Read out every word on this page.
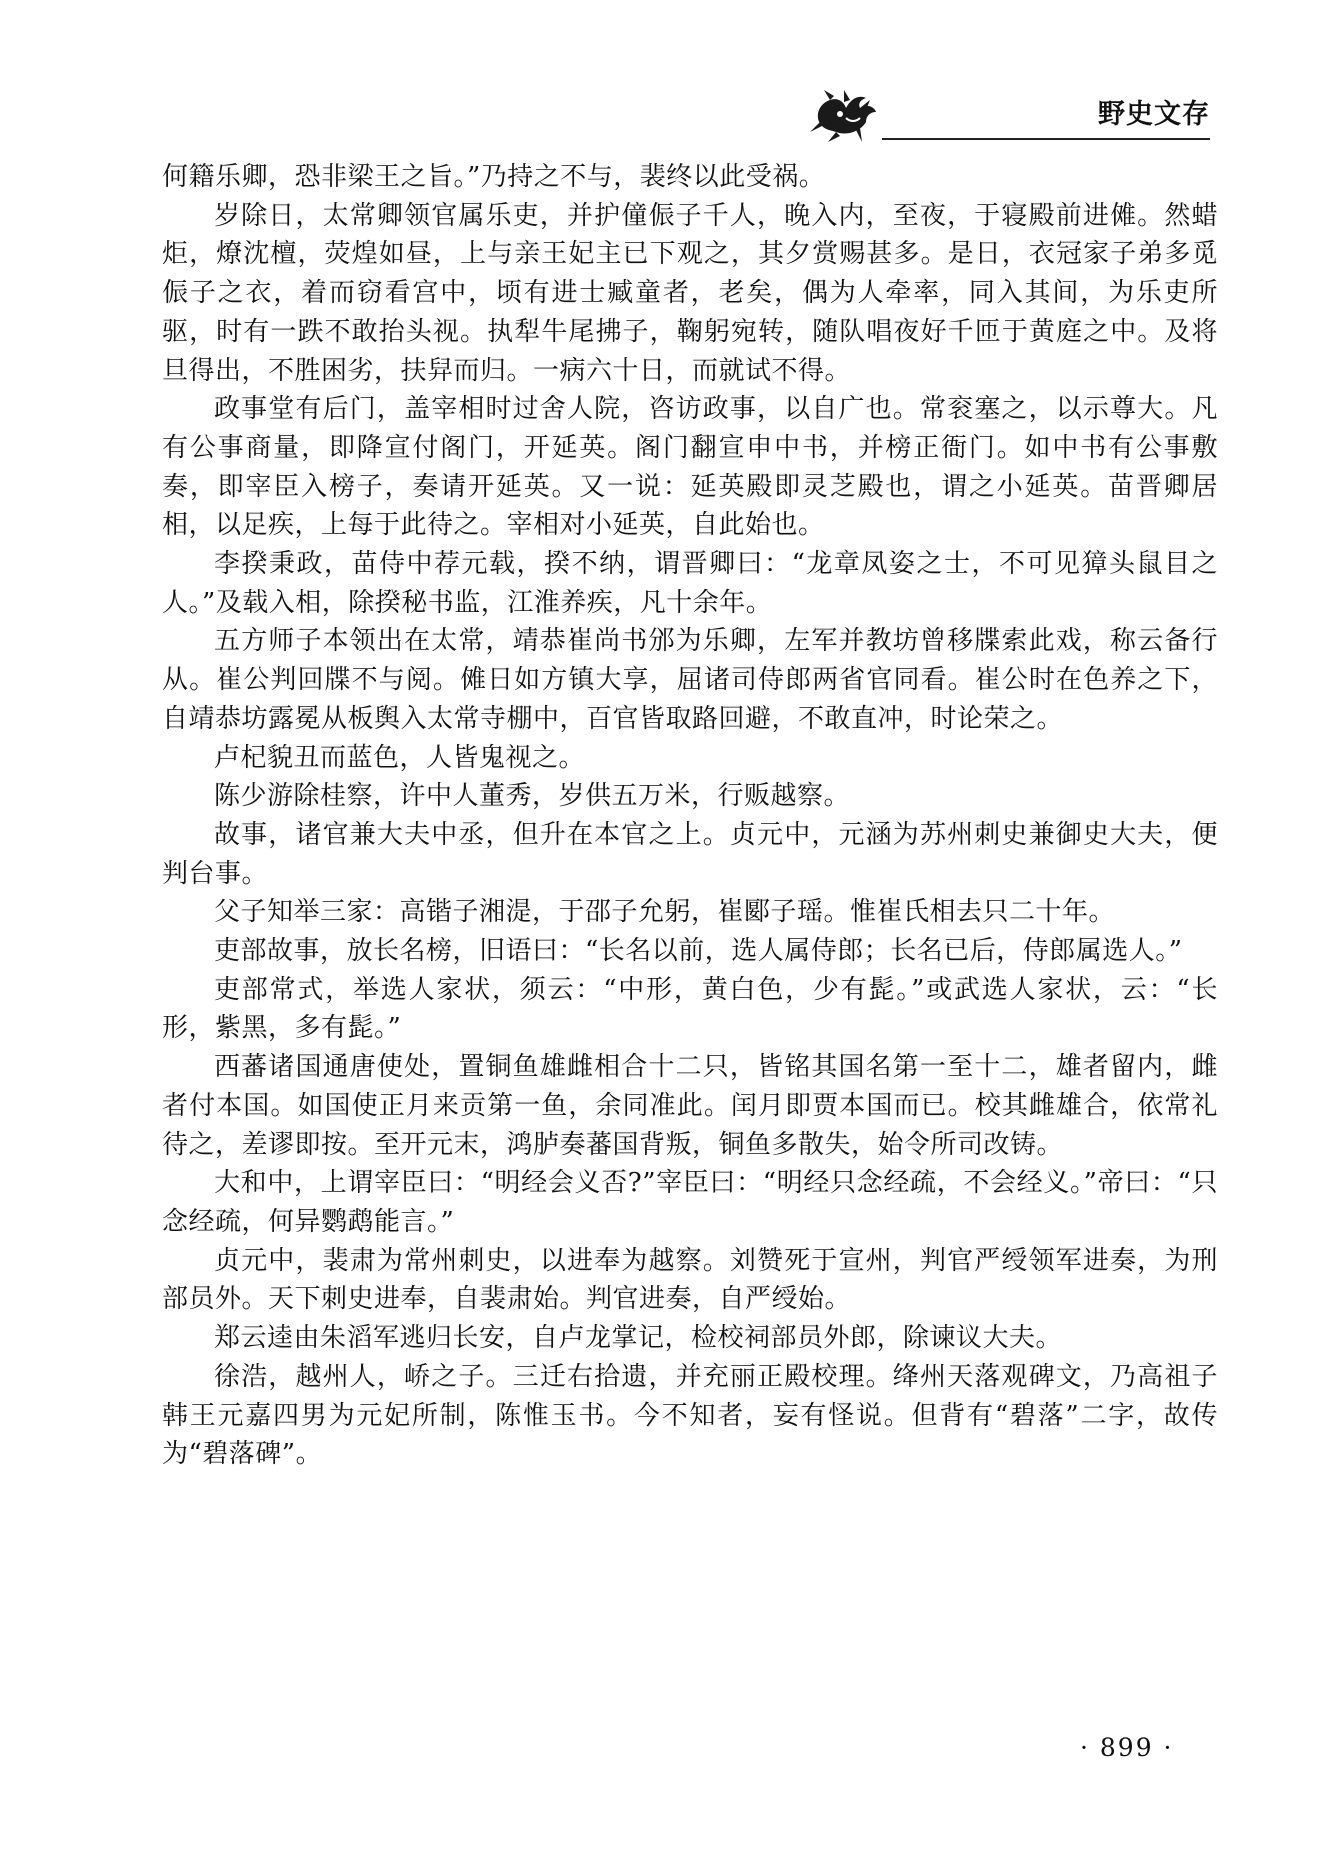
野史文存

何籍乐卿，恐非梁王之旨。”乃持之不与，裴终以此受祸。

岁除日，太常卿领官属乐吏，并护僮侲子千人，晚入内，至夜，于寝殿前进傩。然蜡炬，燎沈檀，荧煌如昼，上与亲王妃主已下观之，其夕赏赐甚多。是日，衣冠家子弟多觅侲子之衣，着而窃看宫中，顷有进士臧童者，老矣，偶为人牵率，同入其间，为乐吏所驱，时有一跌不敢抬头视。执犁牛尾拂子，鞠躬宛转，随队唱夜好千匝于黄庭之中。及将旦得出，不胜困劣，扶舁而归。一病六十日，而就试不得。

政事堂有后门，盖宰相时过舍人院，咨访政事，以自广也。常衮塞之，以示尊大。凡有公事商量，即降宣付阁门，开延英。阁门翻宣申中书，并榜正衙门。如中书有公事敷奏，即宰臣入榜子，奏请开延英。又一说：延英殿即灵芝殿也，谓之小延英。苗晋卿居相，以足疾，上每于此待之。宰相对小延英，自此始也。

李揆秉政，苗侍中荐元载，揆不纳，谓晋卿曰：“龙章凤姿之士，不可见獐头鼠目之人。”及载入相，除揆秘书监，江淮养疾，凡十余年。

五方师子本领出在太常，靖恭崔尚书邠为乐卿，左军并教坊曾移牒索此戏，称云备行从。崔公判回牒不与阅。傩日如方镇大享，屈诸司侍郎两省官同看。崔公时在色养之下，自靖恭坊露冕从板舆入太常寺棚中，百官皆取路回避，不敢直冲，时论荣之。

卢杞貌丑而蓝色，人皆鬼视之。

陈少游除桂察，许中人董秀，岁供五万米，行贩越察。

故事，诸官兼大夫中丞，但升在本官之上。贞元中，元涵为苏州刺史兼御史大夫，便判台事。

父子知举三家：高锴子湘湜，于邵子允躬，崔郾子瑶。惟崔氏相去只二十年。

吏部故事，放长名榜，旧语曰：“长名以前，选人属侍郎；长名已后，侍郎属选人。”

吏部常式，举选人家状，须云：“中形，黄白色，少有髭。”或武选人家状，云：“长形，紫黑，多有髭。”

西蕃诸国通唐使处，置铜鱼雄雌相合十二只，皆铭其国名第一至十二，雄者留内，雌者付本国。如国使正月来贡第一鱼，余同准此。闰月即贾本国而已。校其雌雄合，依常礼待之，差谬即按。至开元末，鸿胪奏蕃国背叛，铜鱼多散失，始令所司改铸。

大和中，上谓宰臣曰：“明经会义否?”宰臣曰：“明经只念经疏，不会经义。”帝曰：“只念经疏，何异鹦鹉能言。”

贞元中，裴肃为常州刺史，以进奉为越察。刘赞死于宣州，判官严绶领军进奏，为刑部员外。天下刺史进奉，自裴肃始。判官进奏，自严绶始。

郑云逵由朱滔军逃归长安，自卢龙掌记，检校祠部员外郎，除谏议大夫。

徐浩，越州人，峤之子。三迁右拾遗，并充丽正殿校理。绛州天落观碑文，乃高祖子韩王元嘉四男为元妃所制，陈惟玉书。今不知者，妄有怪说。但背有“碧落”二字，故传为“碧落碑”。

· 899 ·
